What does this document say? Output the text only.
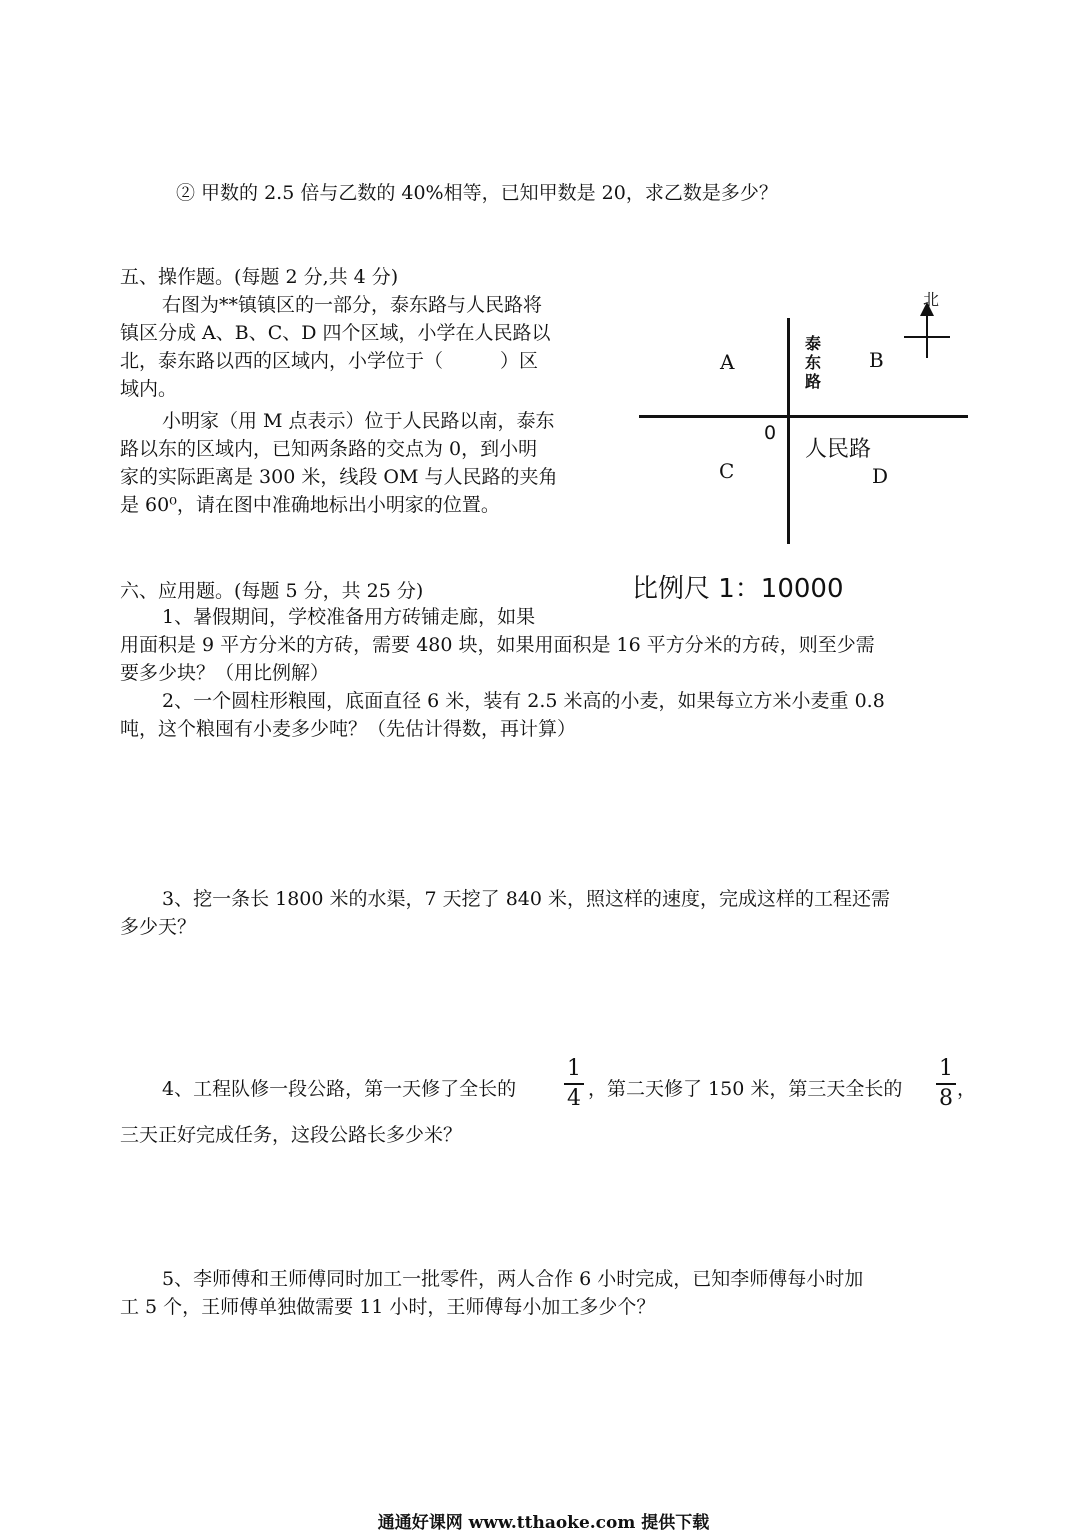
② 甲数的 2.5 倍与乙数的 40%相等，已知甲数是 20，求乙数是多少？
五、操作题。(每题 2 分,共 4 分)
右图为**镇镇区的一部分，泰东路与人民路将
镇区分成 A、B、C、D 四个区域，小学在人民路以
北，泰东路以西的区域内，小学位于（　　　）区
域内。
小明家（用 M 点表示）位于人民路以南，泰东
路以东的区域内，已知两条路的交点为 0，到小明
家的实际距离是 300 米，线段 OM 与人民路的夹角
是 60⁰，请在图中准确地标出小明家的位置。
北
泰
东
路
人民路
0
A	B
C	D
比例尺 1：10000
六、应用题。(每题 5 分，共 25 分)
1、暑假期间，学校准备用方砖铺走廊，如果
用面积是 9 平方分米的方砖，需要 480 块，如果用面积是 16 平方分米的方砖，则至少需
要多少块？（用比例解）
2、一个圆柱形粮囤，底面直径 6 米，装有 2.5 米高的小麦，如果每立方米小麦重 0.8
吨，这个粮囤有小麦多少吨？（先估计得数，再计算）
3、挖一条长 1800 米的水渠，7 天挖了 840 米，照这样的速度，完成这样的工程还需
多少天？
4、工程队修一段公路，第一天修了全长的
1
4 ，第二天修了 150 米，第三天全长的
1
8 ，
三天正好完成任务，这段公路长多少米？
5、李师傅和王师傅同时加工一批零件，两人合作 6 小时完成，已知李师傅每小时加
工 5 个，王师傅单独做需要 11 小时，王师傅每小加工多少个？
通通好课网 www.tthaoke.com 提供下载
